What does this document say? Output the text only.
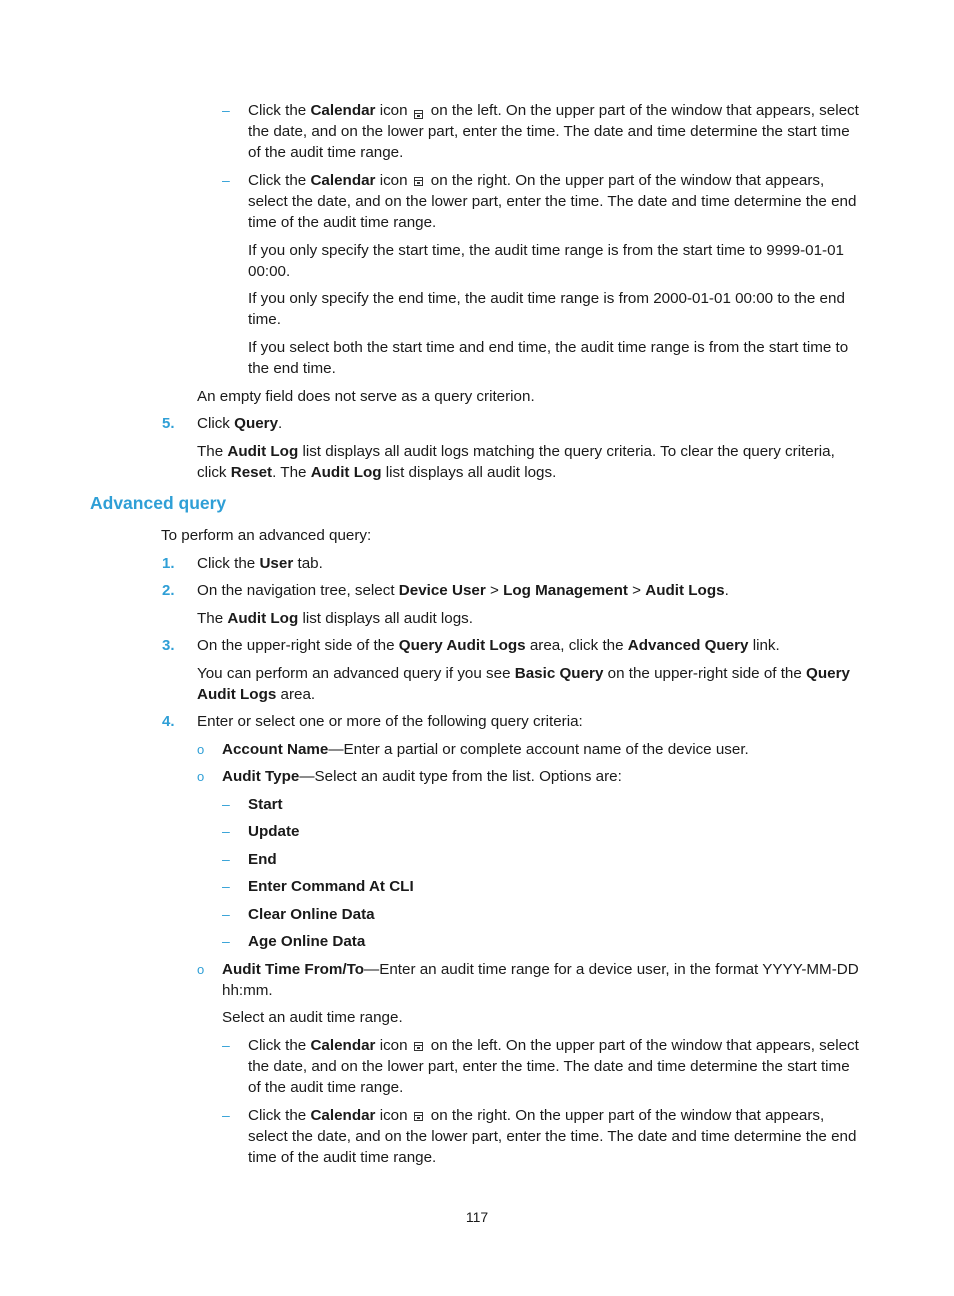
– Click the Calendar icon on the left. On the upper part of the window that appears, select
the date, and on the lower part, enter the time. The date and time determine the start time
of the audit time range.
– Click the Calendar icon on the right. On the upper part of the window that appears,
select the date, and on the lower part, enter the time. The date and time determine the end
time of the audit time range.
If you only specify the start time, the audit time range is from the start time to 9999-01-01
00:00.
If you only specify the end time, the audit time range is from 2000-01-01 00:00 to the end
time.
If you select both the start time and end time, the audit time range is from the start time to
the end time.
An empty field does not serve as a query criterion.
5. Click Query.
The Audit Log list displays all audit logs matching the query criteria. To clear the query criteria,
click Reset. The Audit Log list displays all audit logs.
Advanced query
To perform an advanced query:
1. Click the User tab.
2. On the navigation tree, select Device User > Log Management > Audit Logs.
The Audit Log list displays all audit logs.
3. On the upper-right side of the Query Audit Logs area, click the Advanced Query link.
You can perform an advanced query if you see Basic Query on the upper-right side of the Query
Audit Logs area.
4. Enter or select one or more of the following query criteria:
o Account Name—Enter a partial or complete account name of the device user.
o Audit Type—Select an audit type from the list. Options are:
– Start
– Update
– End
– Enter Command At CLI
– Clear Online Data
– Age Online Data
o Audit Time From/To—Enter an audit time range for a device user, in the format YYYY-MM-DD
hh:mm.
Select an audit time range.
– Click the Calendar icon on the left. On the upper part of the window that appears, select
the date, and on the lower part, enter the time. The date and time determine the start time
of the audit time range.
– Click the Calendar icon on the right. On the upper part of the window that appears,
select the date, and on the lower part, enter the time. The date and time determine the end
time of the audit time range.
117
